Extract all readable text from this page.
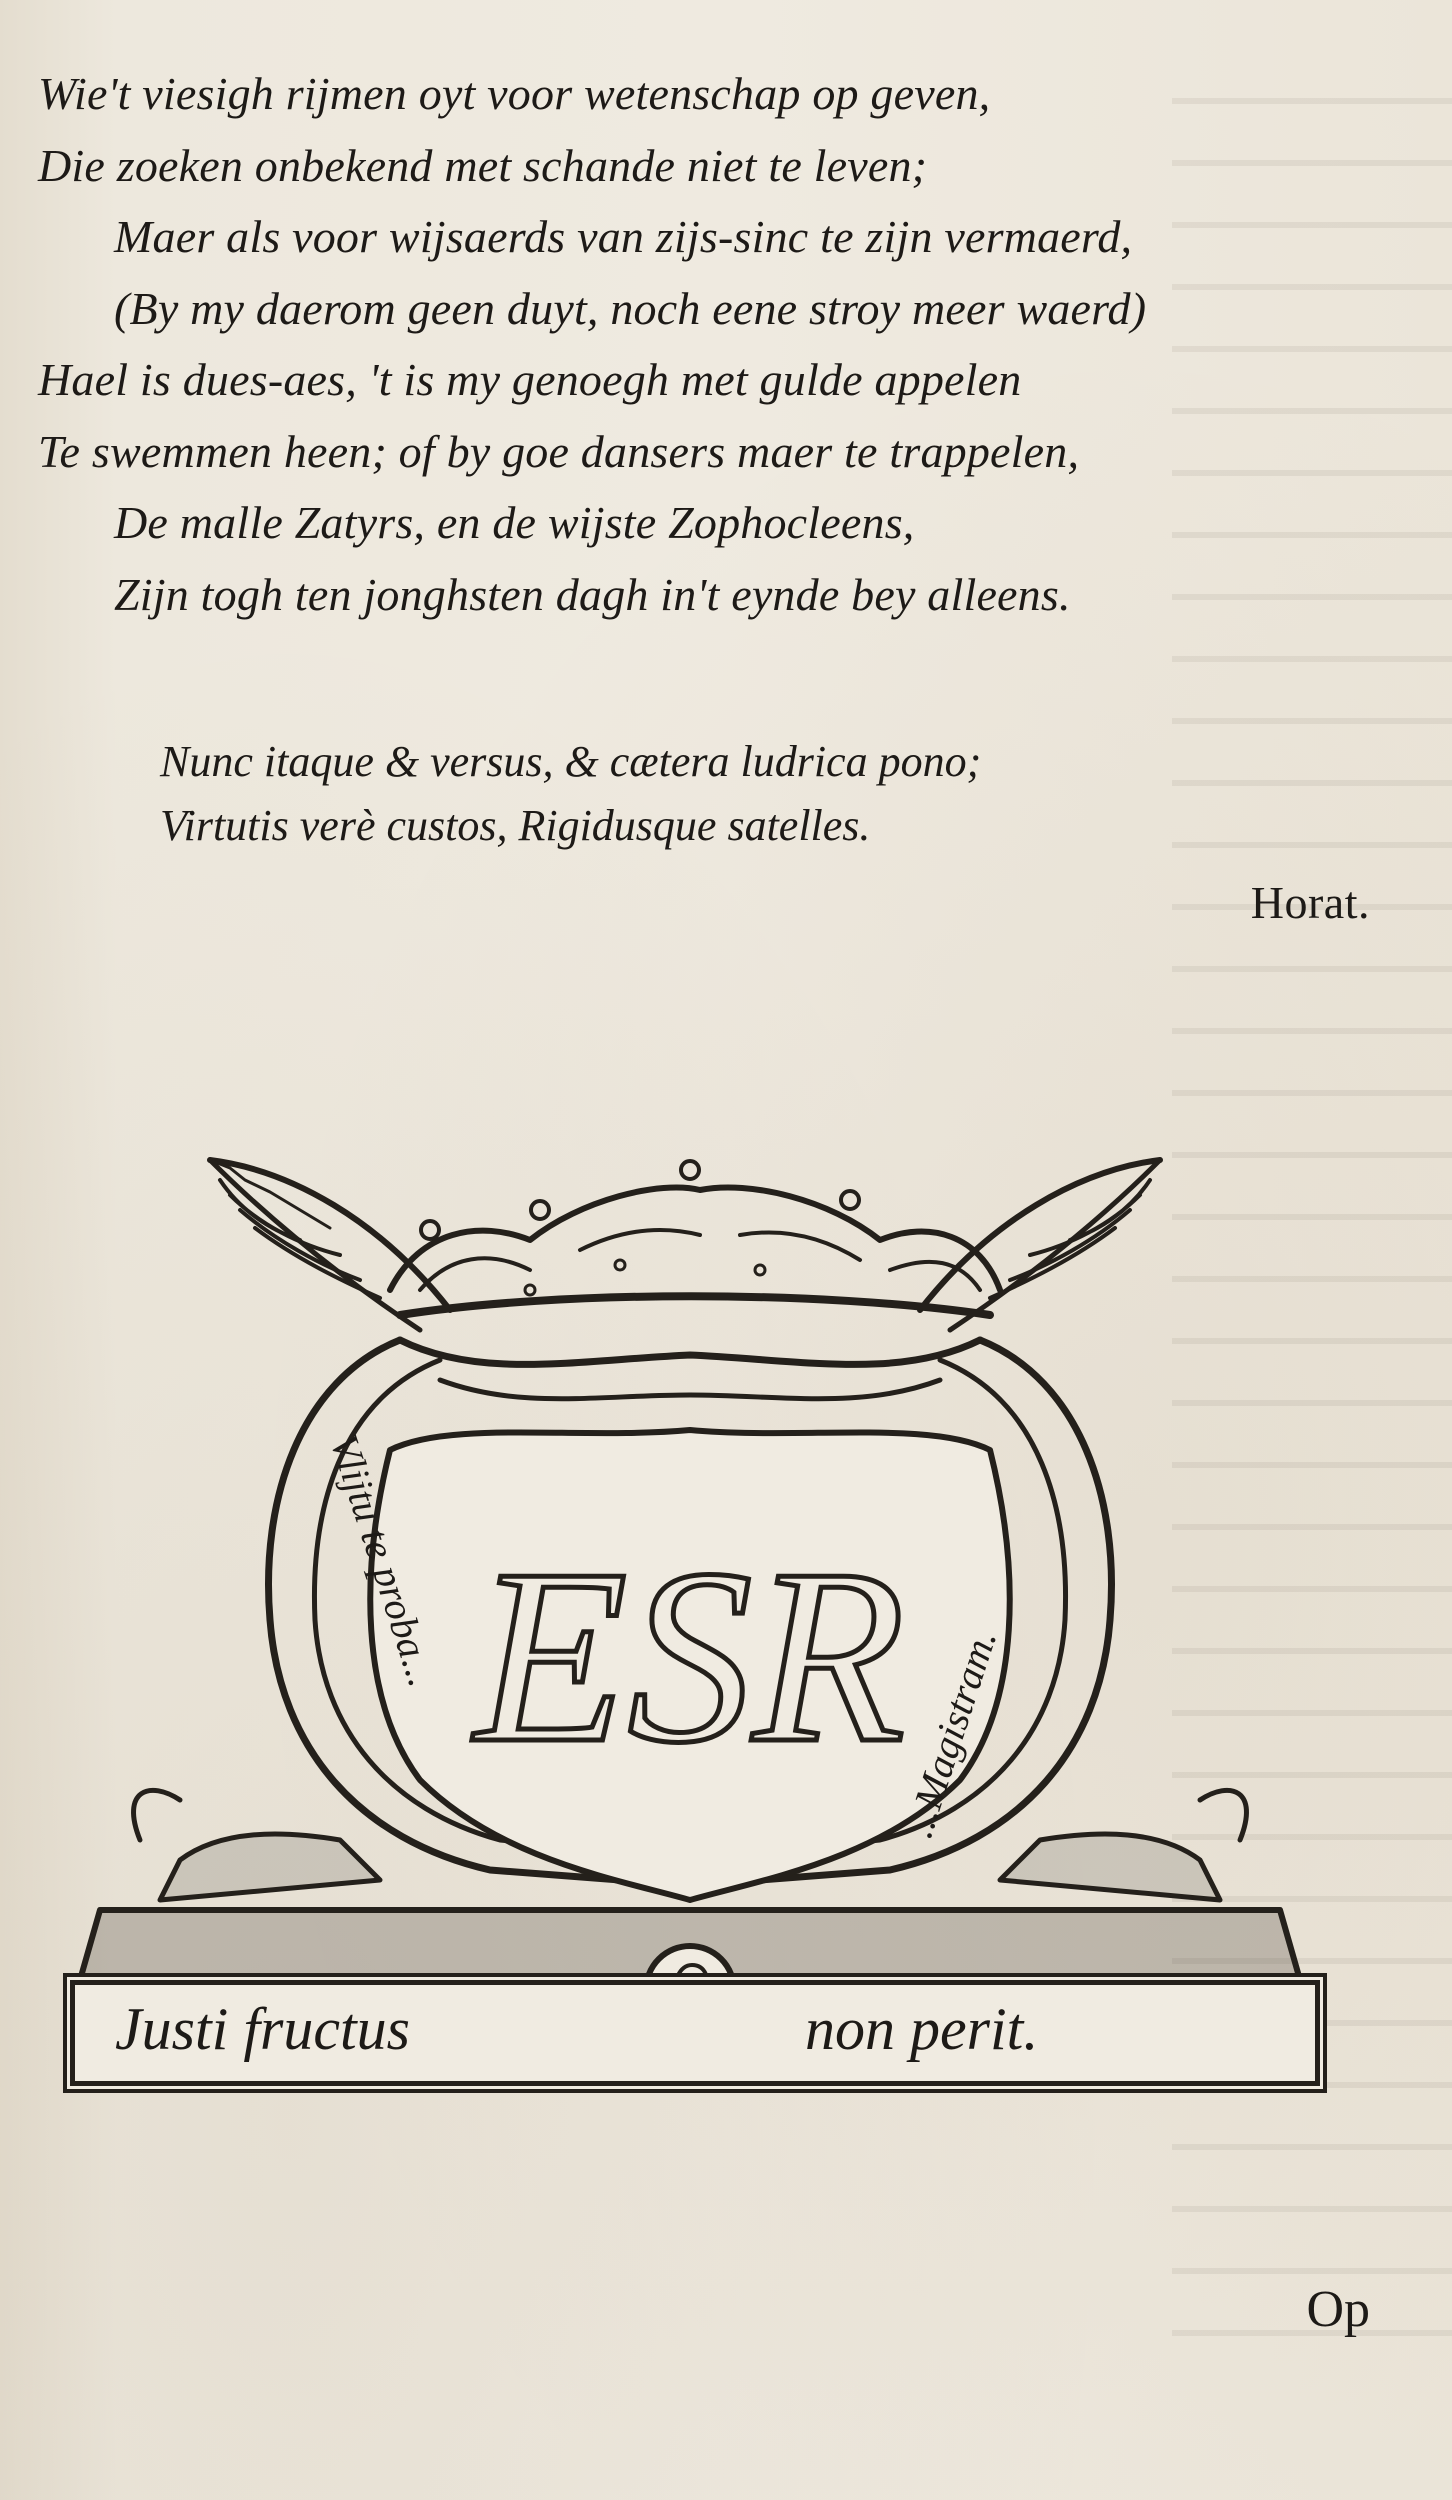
Wie't viesigh rijmen oyt voor wetenschap op geven,
Die zoeken onbekend met schande niet te leven;
Maer als voor wijsaerds van zijs-sinc te zijn vermaerd,
(By my daerom geen duyt, noch eene stroy meer waerd)
Hael is dues-aes, 't is my genoegh met gulde appelen
Te swemmen heen; of by goe dansers maer te trappelen,
De malle Zatyrs, en de wijste Zophocleens,
Zijn togh ten jonghsten dagh in't eynde bey alleens.
Nunc itaque & versus, & cætera ludrica pono;
Virtutis verè custos, Rigidusque satelles.
Horat.
ESR
Vlijtu te proba...
...Magistram.
Justi fructus	non perit.
Op
